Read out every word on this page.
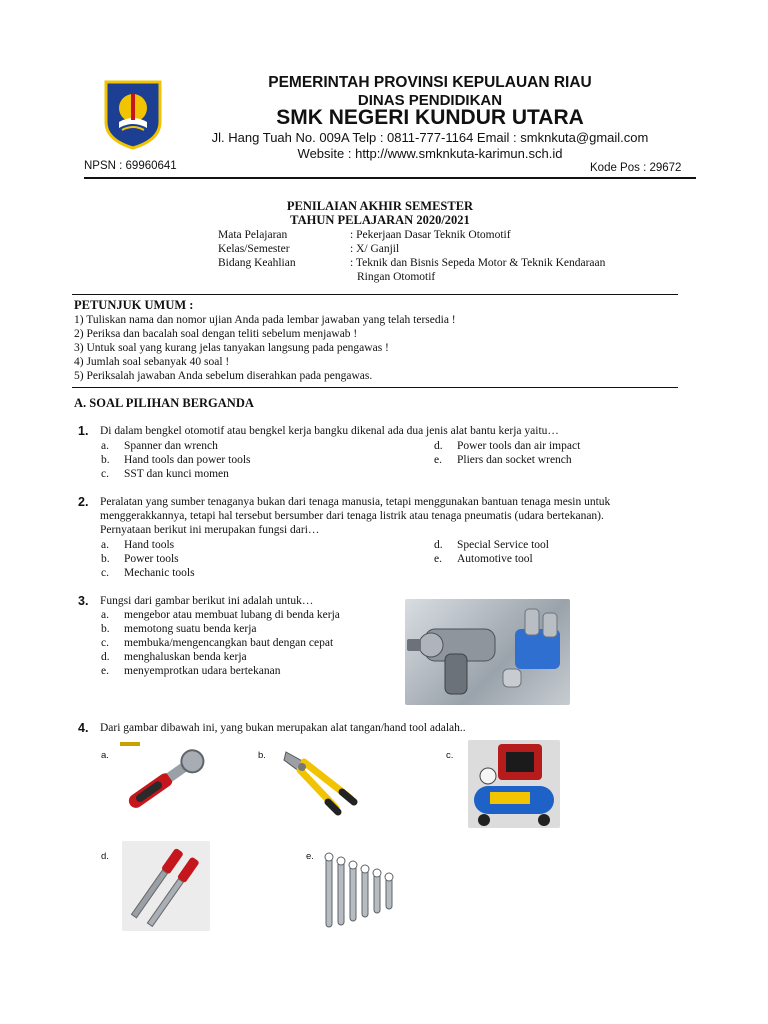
PEMERINTAH PROVINSI KEPULAUAN RIAU
DINAS PENDIDIKAN
SMK NEGERI KUNDUR UTARA
Jl. Hang Tuah No. 009A Telp : 0811-777-1164 Email : smknkuta@gmail.com
Website : http://www.smknkuta-karimun.sch.id
NPSN : 69960641	Kode Pos : 29672
PENILAIAN AKHIR SEMESTER
TAHUN PELAJARAN 2020/2021
Mata Pelajaran	: Pekerjaan Dasar Teknik Otomotif
Kelas/Semester	: X/ Ganjil
Bidang Keahlian	: Teknik dan Bisnis Sepeda Motor & Teknik Kendaraan
Ringan Otomotif
PETUNJUK UMUM :
1) Tuliskan nama dan nomor ujian Anda pada lembar jawaban yang telah tersedia !
2) Periksa dan bacalah soal dengan teliti sebelum menjawab !
3) Untuk soal yang kurang jelas tanyakan langsung pada pengawas !
4) Jumlah soal sebanyak 40 soal !
5) Periksalah jawaban Anda sebelum diserahkan pada pengawas.
A. SOAL PILIHAN BERGANDA
1. Di dalam bengkel otomotif atau bengkel kerja bangku dikenal ada dua jenis alat bantu kerja yaitu…
a. Spanner dan wrench
b. Hand tools dan power tools
c. SST dan kunci momen
d. Power tools dan air impact
e. Pliers dan socket wrench
2. Peralatan yang sumber tenaganya bukan dari tenaga manusia, tetapi menggunakan bantuan tenaga mesin untuk
menggerakkannya, tetapi hal tersebut bersumber dari tenaga listrik atau tenaga pneumatis (udara bertekanan).
Pernyataan berikut ini merupakan fungsi dari…
a. Hand tools
b. Power tools
c. Mechanic tools
d. Special Service tool
e. Automotive tool
3. Fungsi dari gambar berikut ini adalah untuk…
a. mengebor atau membuat lubang di benda kerja
b. memotong suatu benda kerja
c. membuka/mengencangkan baut dengan cepat
d. menghaluskan benda kerja
e. menyemprotkan udara bertekanan
4. Dari gambar dibawah ini, yang bukan merupakan alat tangan/hand tool adalah..
a.	b.	c.
d.	e.
